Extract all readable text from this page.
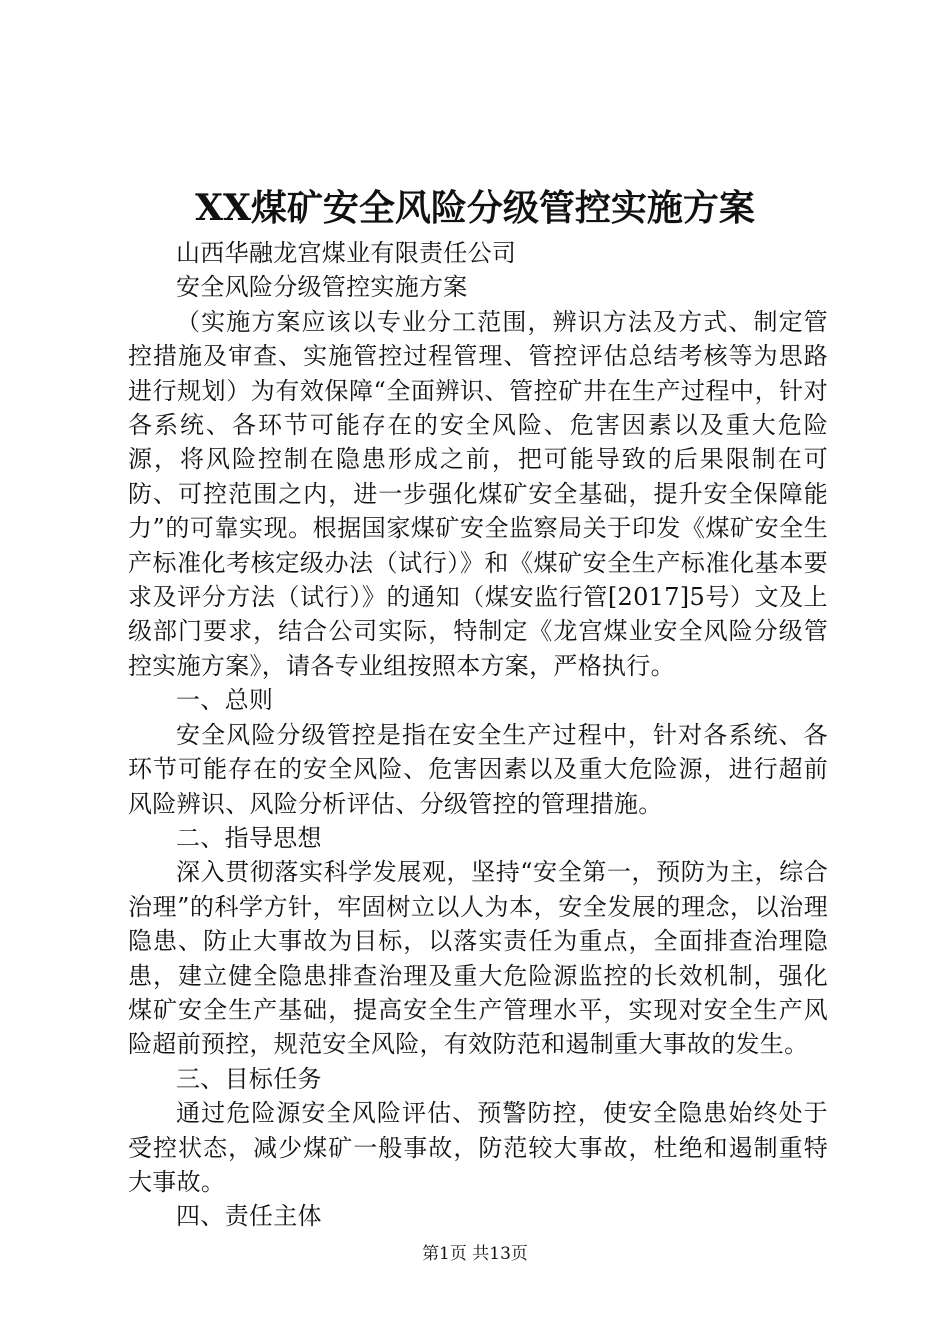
XX煤矿安全风险分级管控实施方案

山西华融龙宫煤业有限责任公司

安全风险分级管控实施方案

（实施方案应该以专业分工范围，辨识方法及方式、制定管控措施及审查、实施管控过程管理、管控评估总结考核等为思路进行规划）为有效保障“全面辨识、管控矿井在生产过程中，针对各系统、各环节可能存在的安全风险、危害因素以及重大危险源，将风险控制在隐患形成之前，把可能导致的后果限制在可防、可控范围之内，进一步强化煤矿安全基础，提升安全保障能力”的可靠实现。根据国家煤矿安全监察局关于印发《煤矿安全生产标准化考核定级办法（试行）》和《煤矿安全生产标准化基本要求及评分方法（试行）》的通知（煤安监行管[2017]5号）文及上级部门要求，结合公司实际，特制定《龙宫煤业安全风险分级管控实施方案》，请各专业组按照本方案，严格执行。

一、总则

安全风险分级管控是指在安全生产过程中，针对各系统、各环节可能存在的安全风险、危害因素以及重大危险源，进行超前风险辨识、风险分析评估、分级管控的管理措施。

二、指导思想

深入贯彻落实科学发展观，坚持“安全第一，预防为主，综合治理”的科学方针，牢固树立以人为本，安全发展的理念，以治理隐患、防止大事故为目标，以落实责任为重点，全面排查治理隐患，建立健全隐患排查治理及重大危险源监控的长效机制，强化煤矿安全生产基础，提高安全生产管理水平，实现对安全生产风险超前预控，规范安全风险，有效防范和遏制重大事故的发生。

三、目标任务

通过危险源安全风险评估、预警防控，使安全隐患始终处于受控状态，减少煤矿一般事故，防范较大事故，杜绝和遏制重特大事故。

四、责任主体

第1页 共13页
